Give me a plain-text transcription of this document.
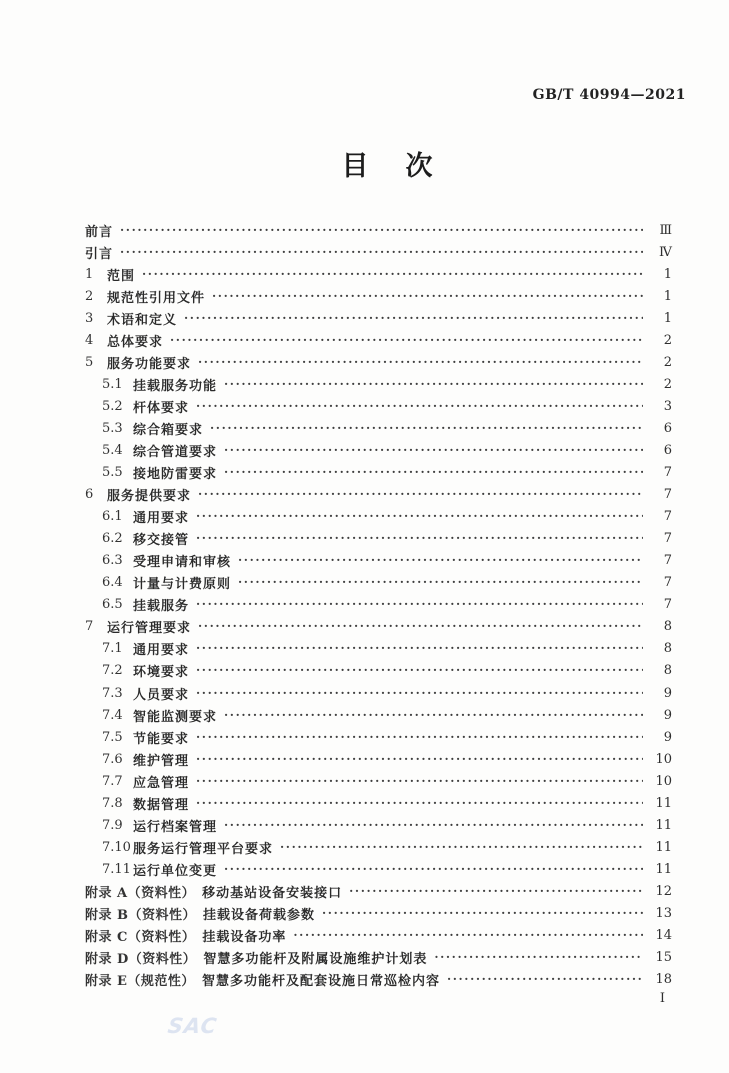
GB/T 40994—2021
目　次
前言 ·····	Ⅲ
引言 ·····	Ⅳ
1	范围 ·····	1
2	规范性引用文件 ·····	1
3	术语和定义 ·····	1
4	总体要求 ·····	2
5	服务功能要求 ·····	2
5.1 挂载服务功能 ·····	2
5.2 杆体要求 ·····	3
5.3 综合箱要求 ·····	6
5.4 综合管道要求 ·····	6
5.5 接地防雷要求 ·····	7
6	服务提供要求 ·····	7
6.1 通用要求 ·····	7
6.2 移交接管 ·····	7
6.3 受理申请和审核 ·····	7
6.4 计量与计费原则 ·····	7
6.5 挂载服务 ·····	7
7	运行管理要求 ·····	8
7.1 通用要求 ·····	8
7.2 环境要求 ·····	8
7.3 人员要求 ·····	9
7.4 智能监测要求 ·····	9
7.5 节能要求 ·····	9
7.6 维护管理 ·····	10
7.7 应急管理 ·····	10
7.8 数据管理 ·····	11
7.9 运行档案管理 ·····	11
7.10 服务运行管理平台要求 ·····	11
7.11 运行单位变更 ·····	11
附录 A（资料性） 移动基站设备安装接口 ·····	12
附录 B（资料性） 挂载设备荷载参数 ·····	13
附录 C（资料性） 挂载设备功率 ·····	14
附录 D（资料性） 智慧多功能杆及附属设施维护计划表 ·····	15
附录 E（规范性） 智慧多功能杆及配套设施日常巡检内容 ·····	18
Ⅰ
SAC
